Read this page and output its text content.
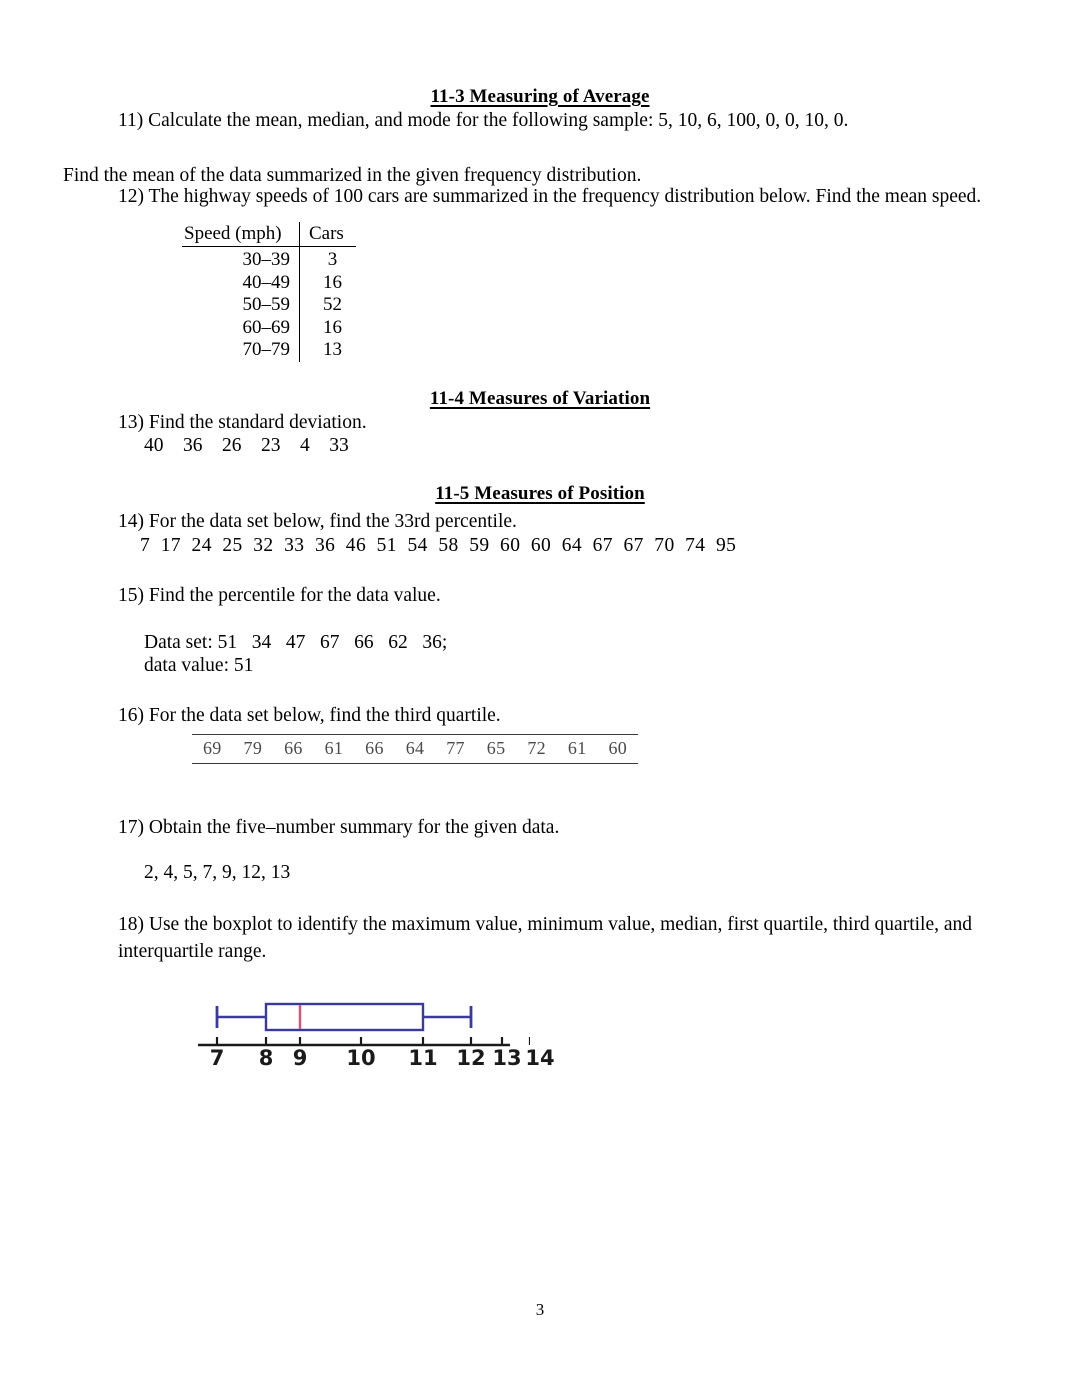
11-3 Measuring of Average
11) Calculate the mean, median, and mode for the following sample: 5, 10, 6, 100, 0, 0, 10, 0.
Find the mean of the data summarized in the given frequency distribution.
12) The highway speeds of 100 cars are summarized in the frequency distribution below. Find the mean speed.
Speed (mph)	Cars
30–39	3
40–49	16
50–59	52
60–69	16
70–79	13
11-4 Measures of Variation
13) Find the standard deviation.
40    36    26    23    4    33
11-5 Measures of Position
14) For the data set below, find the 33rd percentile.
7  17  24  25  32  33  36  46  51  54  58  59  60  60  64  67  67  70  74  95
15) Find the percentile for the data value.
Data set: 51   34   47   67   66   62   36;
data value: 51
16) For the data set below, find the third quartile.
69	79	66	61	66	64	77	65	72	61	60
17) Obtain the five–number summary for the given data.
2, 4, 5, 7, 9, 12, 13
18) Use the boxplot to identify the maximum value, minimum value, median, first quartile, third quartile, and interquartile range.
7 8 9 10 11 12 13 14
3
